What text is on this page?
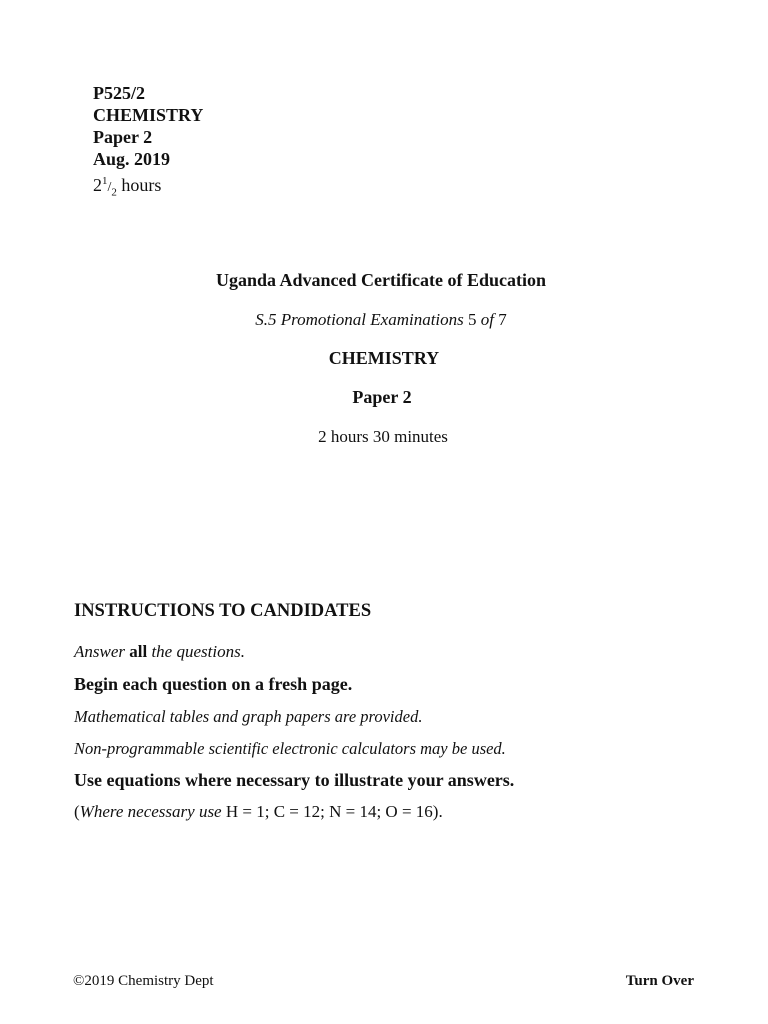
P525/2
CHEMISTRY
Paper 2
Aug. 2019
$2^1/_2$ hours
Uganda Advanced Certificate of Education
S.5 Promotional Examinations 5 of 7
CHEMISTRY
Paper 2
2 hours 30 minutes
INSTRUCTIONS TO CANDIDATES
Answer all the questions.
Begin each question on a fresh page.
Mathematical tables and graph papers are provided.
Non-programmable scientific electronic calculators may be used.
Use equations where necessary to illustrate your answers.
(Where necessary use H = 1; C = 12; N = 14; O = 16).
©2019 Chemistry Dept	Turn Over
